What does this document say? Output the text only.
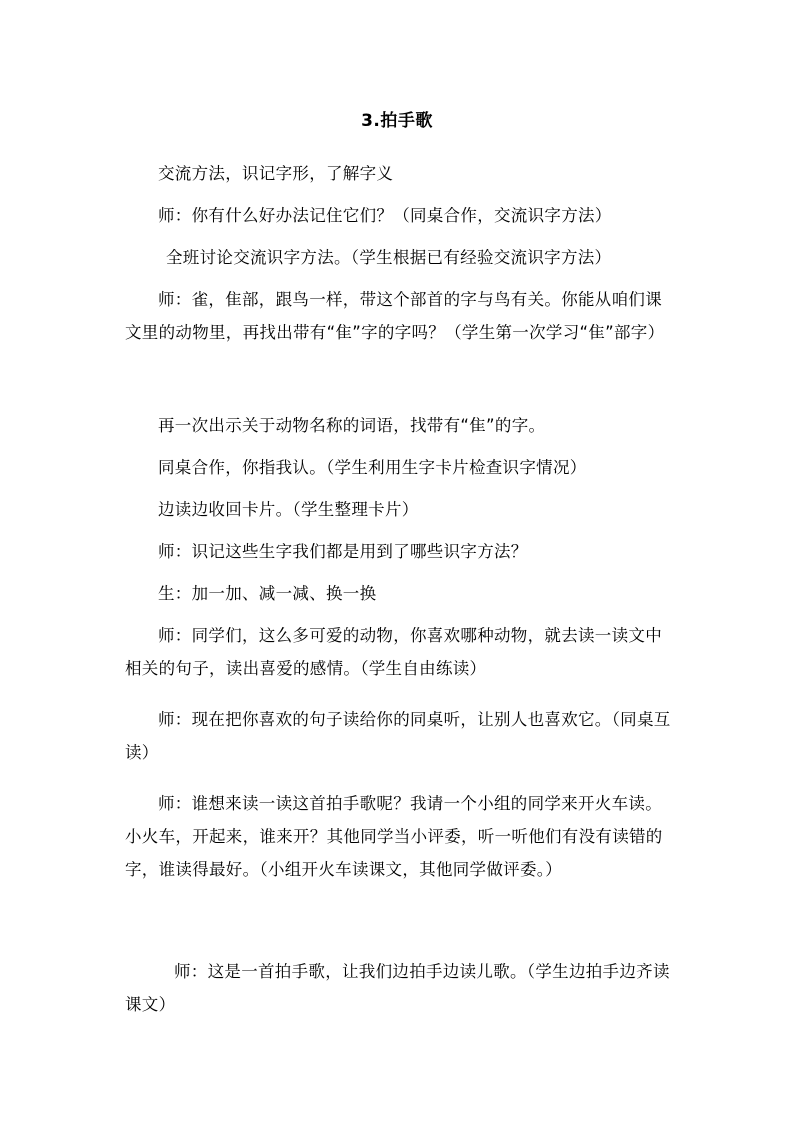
3.拍手歌

交流方法，识记字形，了解字义

师：你有什么好办法记住它们？（同桌合作，交流识字方法）

全班讨论交流识字方法。（学生根据已有经验交流识字方法）

师：雀，隹部，跟鸟一样，带这个部首的字与鸟有关。你能从咱们课文里的动物里，再找出带有“隹”字的字吗？（学生第一次学习“隹”部字）

再一次出示关于动物名称的词语，找带有“隹”的字。

同桌合作，你指我认。（学生利用生字卡片检查识字情况）

边读边收回卡片。（学生整理卡片）

师：识记这些生字我们都是用到了哪些识字方法？

生：加一加、减一减、换一换

师：同学们，这么多可爱的动物，你喜欢哪种动物，就去读一读文中相关的句子，读出喜爱的感情。（学生自由练读）

师：现在把你喜欢的句子读给你的同桌听，让别人也喜欢它。（同桌互读）

师：谁想来读一读这首拍手歌呢？我请一个小组的同学来开火车读。小火车，开起来，谁来开？其他同学当小评委，听一听他们有没有读错的字，谁读得最好。（小组开火车读课文，其他同学做评委。）

师：这是一首拍手歌，让我们边拍手边读儿歌。（学生边拍手边齐读课文）
